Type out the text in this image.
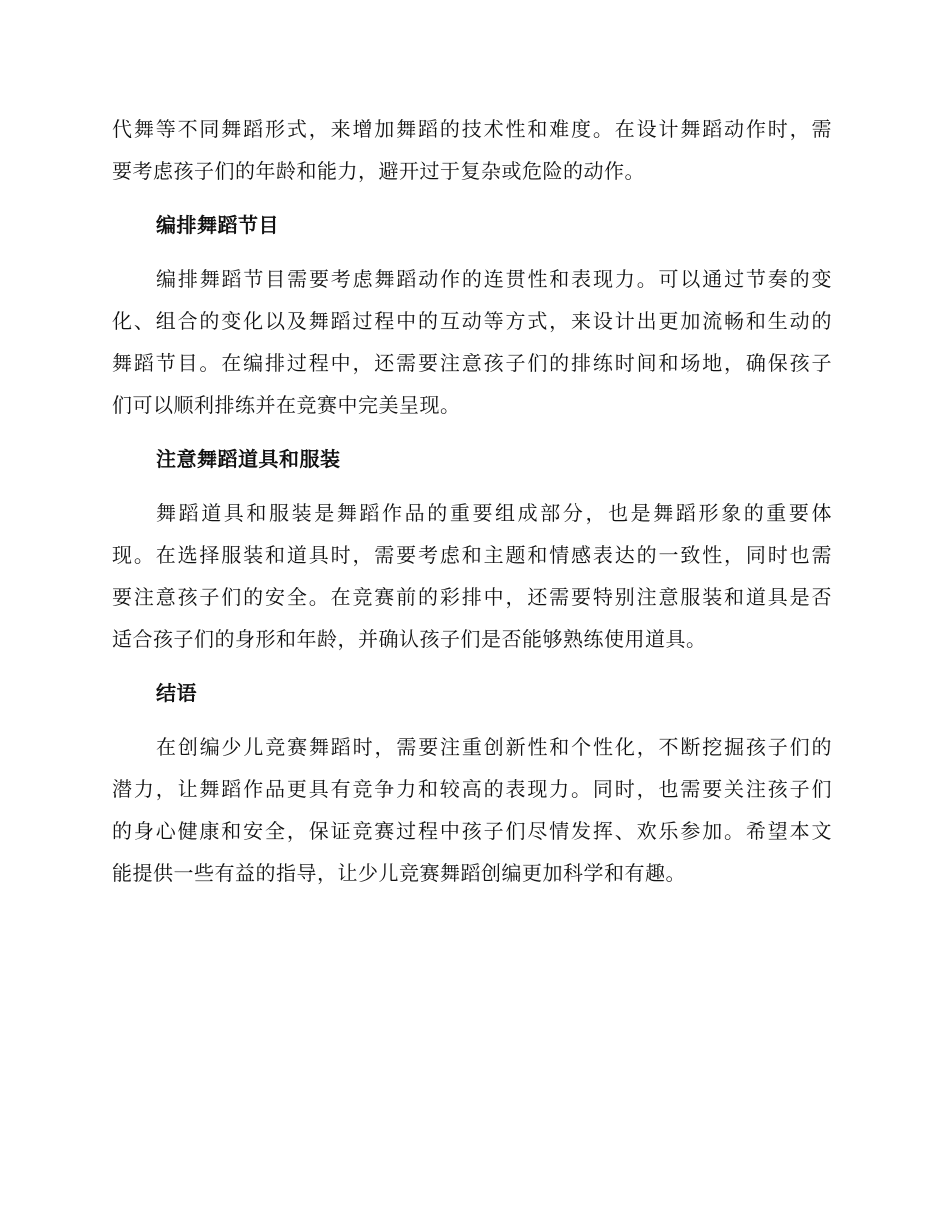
代舞等不同舞蹈形式，来增加舞蹈的技术性和难度。在设计舞蹈动作时，需
要考虑孩子们的年龄和能力，避开过于复杂或危险的动作。
编排舞蹈节目
编排舞蹈节目需要考虑舞蹈动作的连贯性和表现力。可以通过节奏的变
化、组合的变化以及舞蹈过程中的互动等方式，来设计出更加流畅和生动的
舞蹈节目。在编排过程中，还需要注意孩子们的排练时间和场地，确保孩子
们可以顺利排练并在竞赛中完美呈现。
注意舞蹈道具和服装
舞蹈道具和服装是舞蹈作品的重要组成部分，也是舞蹈形象的重要体
现。在选择服装和道具时，需要考虑和主题和情感表达的一致性，同时也需
要注意孩子们的安全。在竞赛前的彩排中，还需要特别注意服装和道具是否
适合孩子们的身形和年龄，并确认孩子们是否能够熟练使用道具。
结语
在创编少儿竞赛舞蹈时，需要注重创新性和个性化，不断挖掘孩子们的
潜力，让舞蹈作品更具有竞争力和较高的表现力。同时，也需要关注孩子们
的身心健康和安全，保证竞赛过程中孩子们尽情发挥、欢乐参加。希望本文
能提供一些有益的指导，让少儿竞赛舞蹈创编更加科学和有趣。
